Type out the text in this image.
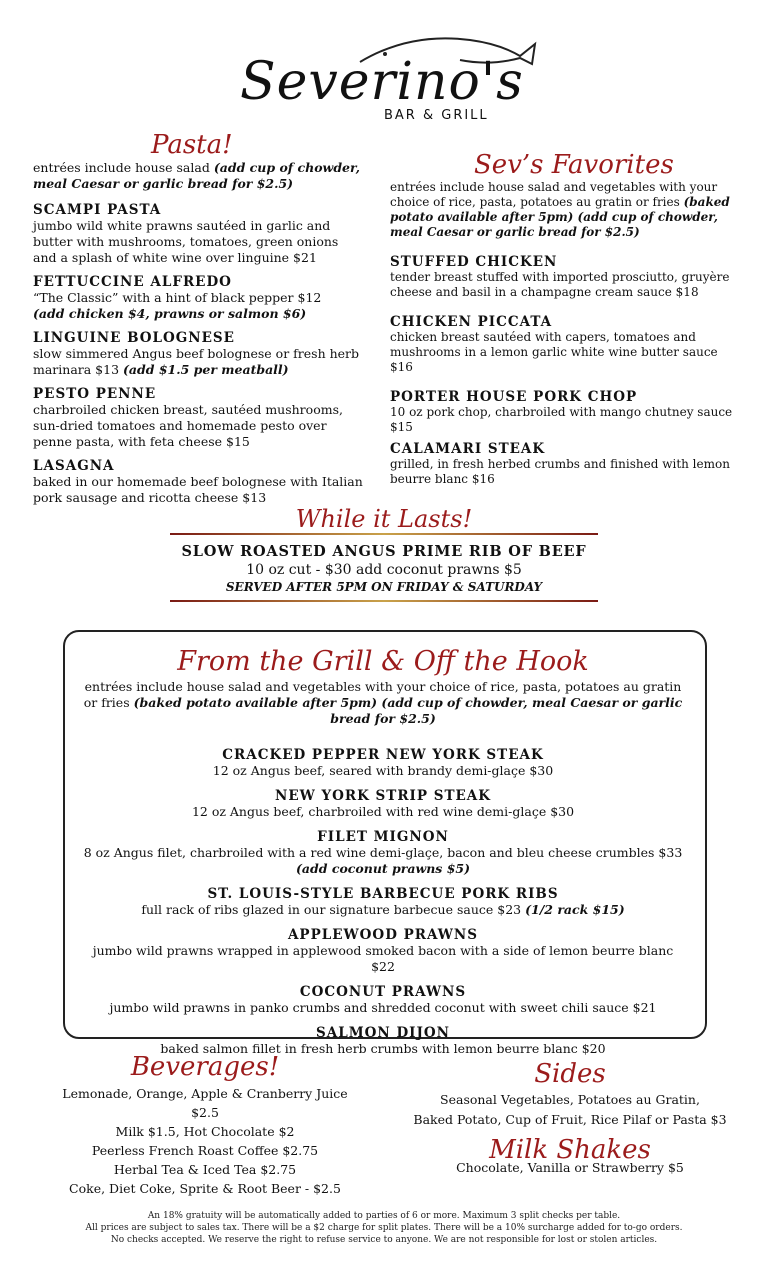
Severino's
BAR & GRILL
Pasta!
entrées include house salad (add cup of chowder, meal Caesar or garlic bread for $2.5)
SCAMPI PASTA
jumbo wild white prawns sautéed in garlic and butter with mushrooms, tomatoes, green onions and a splash of white wine over linguine $21
FETTUCCINE ALFREDO
“The Classic” with a hint of black pepper $12
(add chicken $4, prawns or salmon $6)
LINGUINE BOLOGNESE
slow simmered Angus beef bolognese or fresh herb marinara $13 (add $1.5 per meatball)
PESTO PENNE
charbroiled chicken breast, sautéed mushrooms, sun-dried tomatoes and homemade pesto over penne pasta, with feta cheese $15
LASAGNA
baked in our homemade beef bolognese with Italian pork sausage and ricotta cheese $13
Sev’s Favorites
entrées include house salad and vegetables with your choice of rice, pasta, potatoes au gratin or fries (baked potato available after 5pm) (add cup of chowder, meal Caesar or garlic bread for $2.5)
STUFFED CHICKEN
tender breast stuffed with imported prosciutto, gruyère cheese and basil in a champagne cream sauce $18
CHICKEN PICCATA
chicken breast sautéed with capers, tomatoes and mushrooms in a lemon garlic white wine butter sauce $16
PORTER HOUSE PORK CHOP
10 oz pork chop, charbroiled with mango chutney sauce $15
CALAMARI STEAK
grilled, in fresh herbed crumbs and finished with lemon beurre blanc $16
While it Lasts!
SLOW ROASTED ANGUS PRIME RIB OF BEEF
10 oz cut - $30 add coconut prawns $5
SERVED AFTER 5PM ON FRIDAY & SATURDAY
From the Grill & Off the Hook
entrées include house salad and vegetables with your choice of rice, pasta, potatoes au gratin or fries (baked potato available after 5pm) (add cup of chowder, meal Caesar or garlic bread for $2.5)
CRACKED PEPPER NEW YORK STEAK
12 oz Angus beef, seared with brandy demi-glaçe $30
NEW YORK STRIP STEAK
12 oz Angus beef, charbroiled with red wine demi-glaçe $30
FILET MIGNON
8 oz Angus filet, charbroiled with a red wine demi-glaçe, bacon and bleu cheese crumbles $33
(add coconut prawns $5)
ST. LOUIS-STYLE BARBECUE PORK RIBS
full rack of ribs glazed in our signature barbecue sauce $23 (1/2 rack $15)
APPLEWOOD PRAWNS
jumbo wild prawns wrapped in applewood smoked bacon with a side of lemon beurre blanc $22
COCONUT PRAWNS
jumbo wild prawns in panko crumbs and shredded coconut with sweet chili sauce $21
SALMON DIJON
baked salmon fillet in fresh herb crumbs with lemon beurre blanc $20
Beverages!
Lemonade, Orange, Apple & Cranberry Juice $2.5
Milk $1.5, Hot Chocolate $2
Peerless French Roast Coffee $2.75
Herbal Tea & Iced Tea $2.75
Coke, Diet Coke, Sprite & Root Beer - $2.5
Sides
Seasonal Vegetables, Potatoes au Gratin,
Baked Potato, Cup of Fruit, Rice Pilaf or Pasta $3
Milk Shakes
Chocolate, Vanilla or Strawberry $5
An 18% gratuity will be automatically added to parties of 6 or more. Maximum 3 split checks per table.
All prices are subject to sales tax. There will be a $2 charge for split plates. There will be a 10% surcharge added for to-go orders.
No checks accepted. We reserve the right to refuse service to anyone. We are not responsible for lost or stolen articles.
